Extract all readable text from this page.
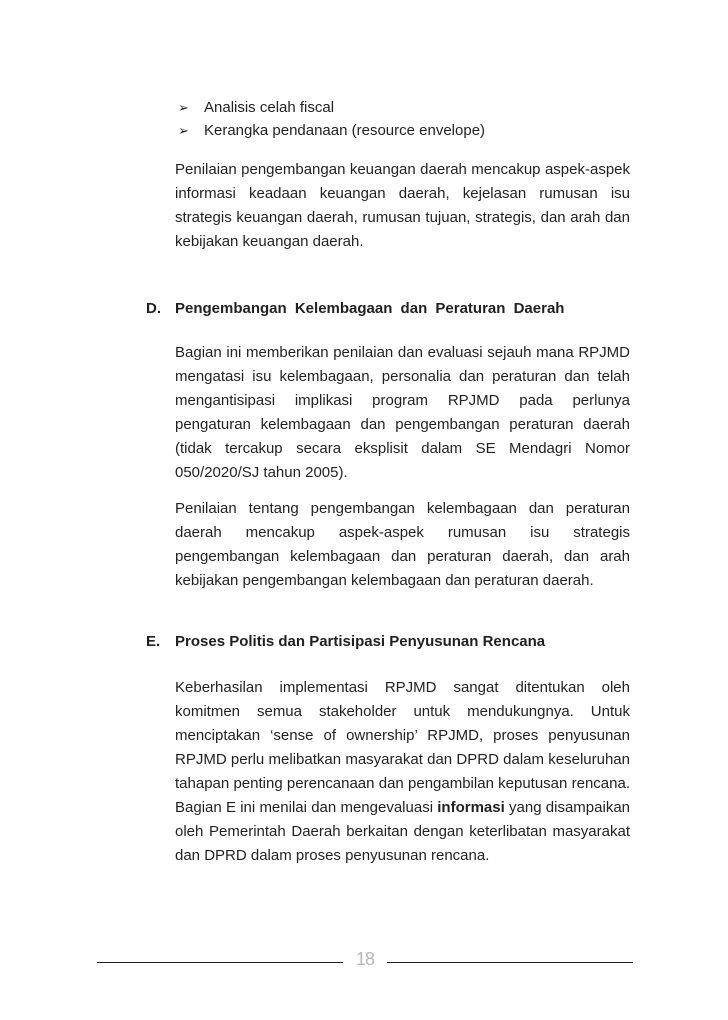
➢	Analisis celah fiscal
➢	Kerangka pendanaan (resource envelope)

Penilaian pengembangan keuangan daerah mencakup aspek-aspek informasi keadaan keuangan daerah, kejelasan rumusan isu strategis keuangan daerah, rumusan tujuan, strategis, dan arah dan kebijakan keuangan daerah.

D. Pengembangan Kelembagaan dan Peraturan Daerah

Bagian ini memberikan penilaian dan evaluasi sejauh mana RPJMD mengatasi isu kelembagaan, personalia dan peraturan dan telah mengantisipasi implikasi program RPJMD pada perlunya pengaturan kelembagaan dan pengembangan peraturan daerah (tidak tercakup secara eksplisit dalam SE Mendagri Nomor 050/2020/SJ tahun 2005).

Penilaian tentang pengembangan kelembagaan dan peraturan daerah mencakup aspek-aspek rumusan isu strategis pengembangan kelembagaan dan peraturan daerah, dan arah kebijakan pengembangan kelembagaan dan peraturan daerah.

E. Proses Politis dan Partisipasi Penyusunan Rencana

Keberhasilan implementasi RPJMD sangat ditentukan oleh komitmen semua stakeholder untuk mendukungnya. Untuk menciptakan ‘sense of ownership’ RPJMD, proses penyusunan RPJMD perlu melibatkan masyarakat dan DPRD dalam keseluruhan tahapan penting perencanaan dan pengambilan keputusan rencana. Bagian E ini menilai dan mengevaluasi informasi yang disampaikan oleh Pemerintah Daerah berkaitan dengan keterlibatan masyarakat dan DPRD dalam proses penyusunan rencana.

18
